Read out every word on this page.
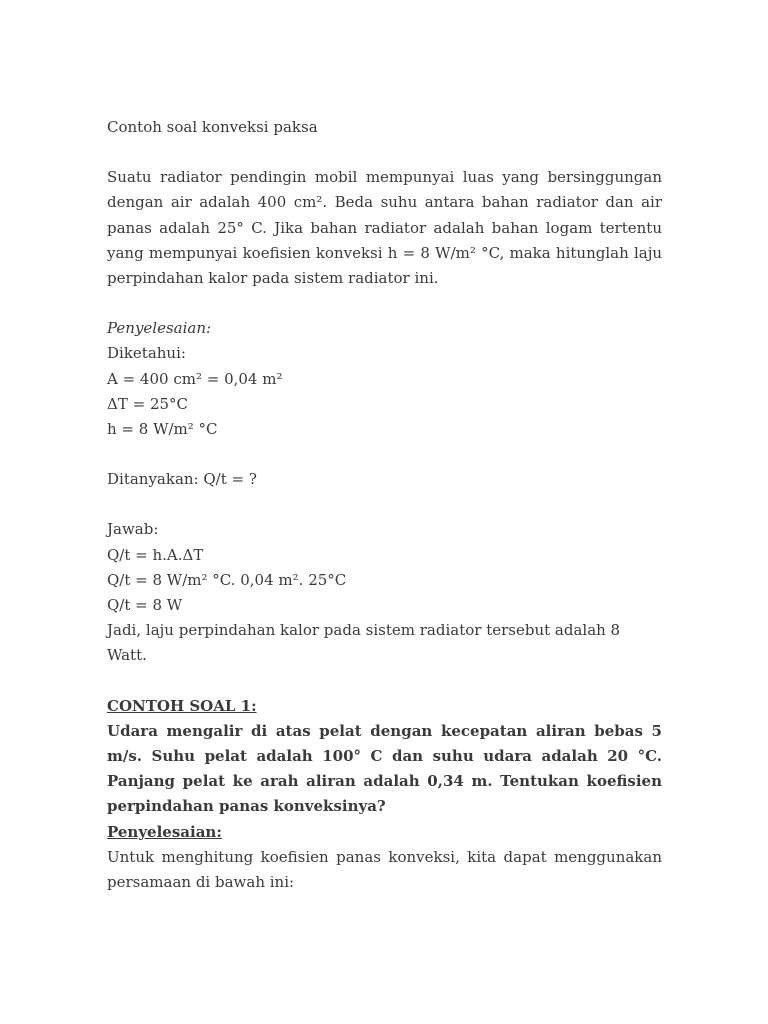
Contoh soal konveksi paksa

Suatu radiator pendingin mobil mempunyai luas yang bersinggungan dengan air adalah 400 cm². Beda suhu antara bahan radiator dan air panas adalah 25° C. Jika bahan radiator adalah bahan logam tertentu yang mempunyai koefisien konveksi h = 8 W/m² °C, maka hitunglah laju perpindahan kalor pada sistem radiator ini.

Penyelesaian:

Diketahui:

A = 400 cm² = 0,04 m²
ΔT = 25°C
h = 8 W/m² °C

Ditanyakan: Q/t = ?

Jawab:

Q/t = h.A.ΔT
Q/t = 8 W/m² °C. 0,04 m². 25°C
Q/t = 8 W

Jadi, laju perpindahan kalor pada sistem radiator tersebut adalah 8 Watt.

CONTOH SOAL 1:

Udara mengalir di atas pelat dengan kecepatan aliran bebas 5 m/s. Suhu pelat adalah 100° C dan suhu udara adalah 20 °C. Panjang pelat ke arah aliran adalah 0,34 m. Tentukan koefisien perpindahan panas konveksinya?

Penyelesaian:

Untuk menghitung koefisien panas konveksi, kita dapat menggunakan persamaan di bawah ini:
